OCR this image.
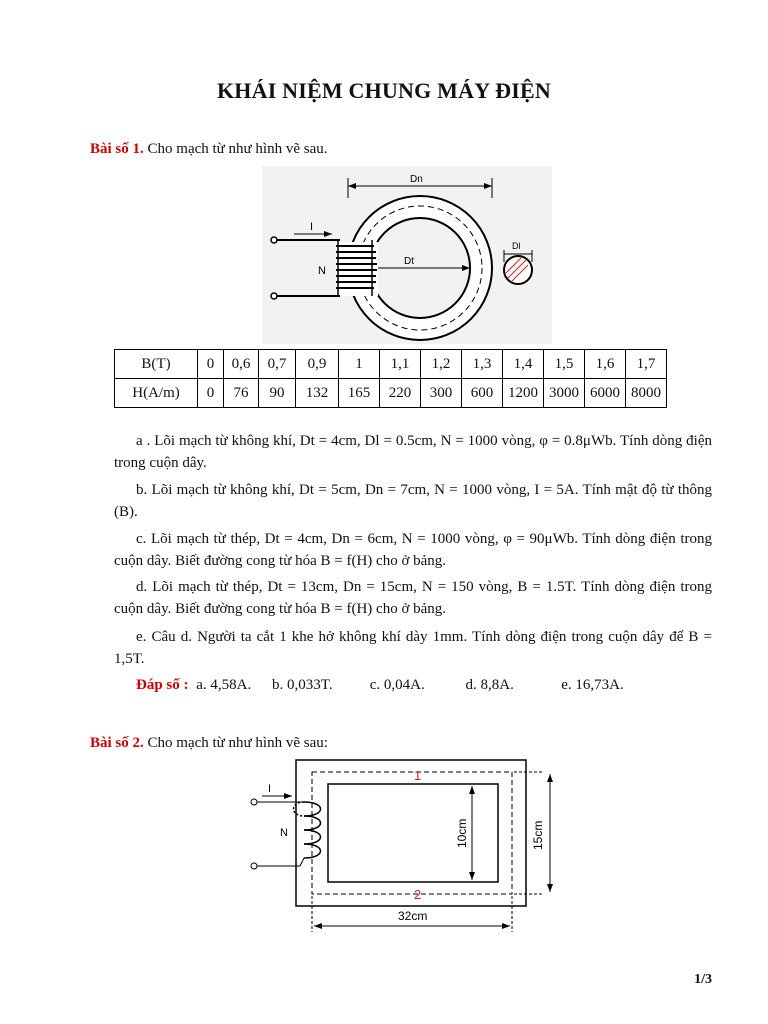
KHÁI NIỆM CHUNG MÁY ĐIỆN
Bài số 1. Cho mạch từ như hình vẽ sau.
Dn
Dt
I
N
Dl
B(T)	0	0,6	0,7	0,9	1	1,1	1,2	1,3	1,4	1,5	1,6	1,7
H(A/m)	0	76	90	132	165	220	300	600	1200	3000	6000	8000

a . Lõi mạch từ không khí, Dt = 4cm, Dl = 0.5cm, N = 1000 vòng, φ = 0.8μWb. Tính dòng điện trong cuộn dây.

b. Lõi mạch từ không khí, Dt = 5cm, Dn = 7cm, N = 1000 vòng, I = 5A. Tính mật độ từ thông (B).

c. Lõi mạch từ thép, Dt = 4cm, Dn = 6cm, N = 1000 vòng, φ = 90μWb. Tính dòng điện trong cuộn dây. Biết đường cong từ hóa B = f(H) cho ở bảng.

d. Lõi mạch từ thép, Dt = 13cm, Dn = 15cm, N = 150 vòng, B = 1.5T. Tính dòng điện trong cuộn dây. Biết đường cong từ hóa B = f(H) cho ở bảng.

e. Câu d. Người ta cắt 1 khe hở không khí dày 1mm. Tính dòng điện trong cuộn dây để B = 1,5T.

Đáp số : a. 4,58A. b. 0,033T. c. 0,04A.	d. 8,8A.	e. 16,73A.
Bài số 2. Cho mạch từ như hình vẽ sau:
1
2
10cm	15cm
32cm
I
N
1/3
